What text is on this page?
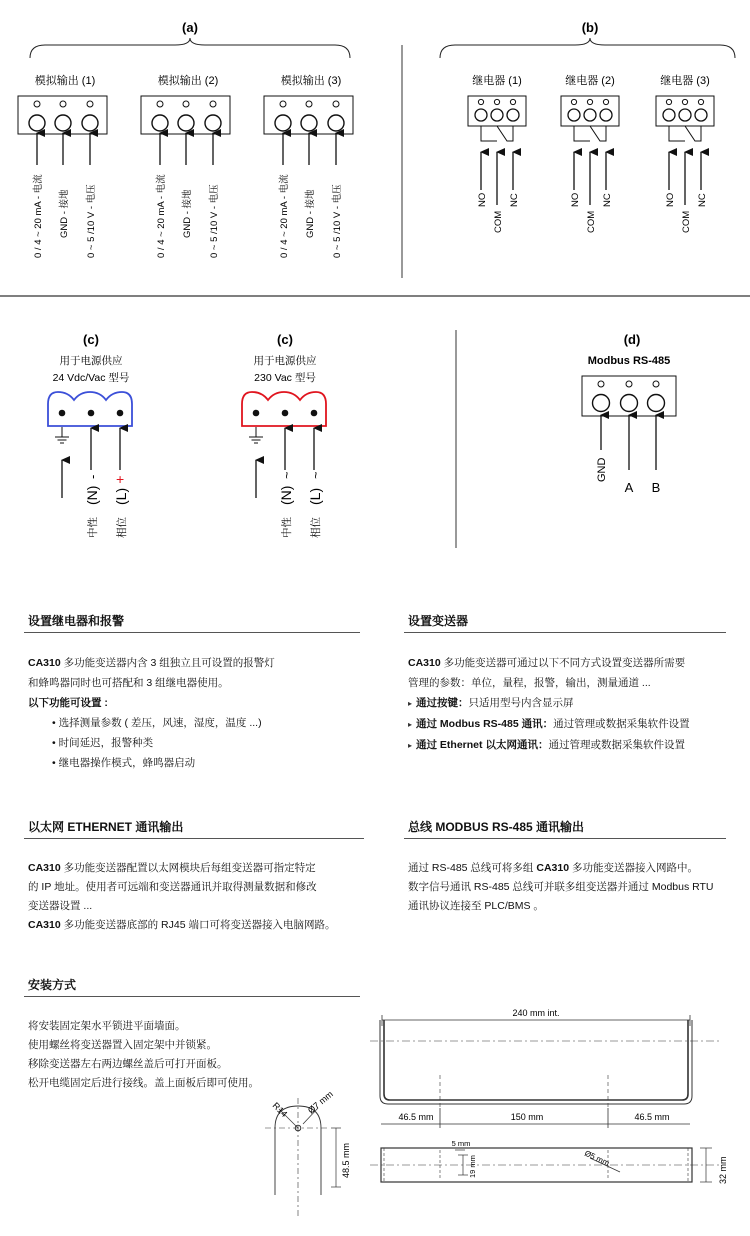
(a)
模拟输出 (1)
0 / 4 ~ 20 mA - 电流 GND - 接地 0 ~ 5 /10 V - 电压
模拟输出 (2)
0 / 4 ~ 20 mA - 电流 GND - 接地 0 ~ 5 /10 V - 电压
模拟输出 (3)
0 / 4 ~ 20 mA - 电流 GND - 接地 0 ~ 5 /10 V - 电压
(b)
继电器 (1)
NO
COM
NC
继电器 (2)
NO
COM
NC
继电器 (3)
NO
COM
NC
(c)
用于电源供应
24 Vdc/Vac 型号
(N)
-
(L)
+
中性 相位
(c)
用于电源供应
230 Vac 型号
(N)
~
(L)
~
中性 相位
(d)
Modbus RS-485
GND
A B
240 mm int.
46.5 mm	150 mm	46.5 mm
5 mm
19 mm	Ø5 mm	32 mm
R14 Ø7 mm
48.5 mm
设置继电器和报警
CA310 多功能变送器内含 3 组独立且可设置的报警灯
和蜂鸣器同时也可搭配和 3 组继电器使用。
以下功能可设置 :
• 选择测量参数 ( 差压，风速，湿度，温度 ...)
• 时间延迟，报警种类
• 继电器操作模式，蜂鸣器启动
设置变送器
CA310 多功能变送器可通过以下不同方式设置变送器所需要
管理的参数：单位，量程，报警，输出，测量通道 ...
▸ 通过按键：只适用型号内含显示屏
▸ 通过 Modbus RS-485 通讯：通过管理或数据采集软件设置
▸ 通过 Ethernet 以太网通讯：通过管理或数据采集软件设置
以太网 ETHERNET 通讯输出
CA310 多功能变送器配置以太网模块后每组变送器可指定特定
的 IP 地址。使用者可远端和变送器通讯并取得测量数据和修改
变送器设置 ...
CA310 多功能变送器底部的 RJ45 端口可将变送器接入电脑网路。
总线 MODBUS RS-485 通讯输出
通过 RS-485 总线可将多组 CA310 多功能变送器接入网路中。
数字信号通讯 RS-485 总线可并联多组变送器并通过 Modbus RTU
通讯协议连接至 PLC/BMS 。
安装方式
将安装固定架水平锁进平面墙面。
使用螺丝将变送器置入固定架中并锁紧。
移除变送器左右两边螺丝盖后可打开面板。
松开电缆固定后进行接线。盖上面板后即可使用。
